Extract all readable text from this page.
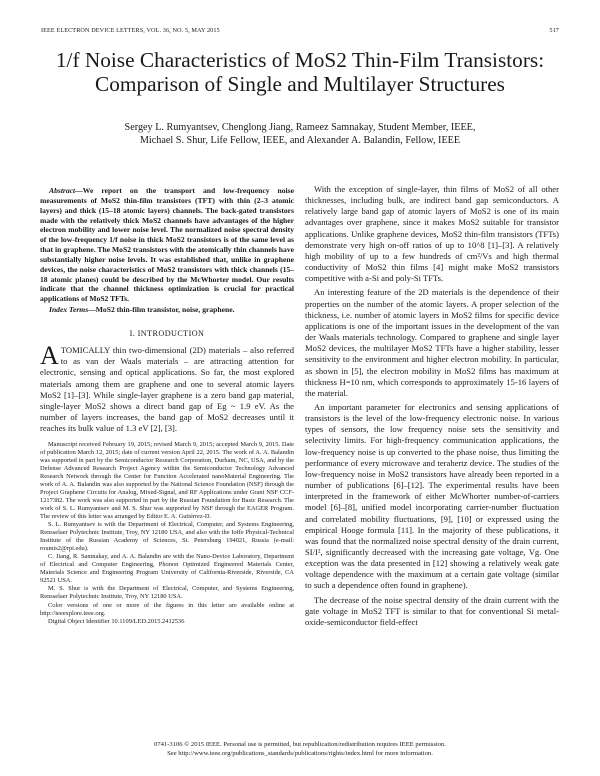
IEEE ELECTRON DEVICE LETTERS, VOL. 36, NO. 5, MAY 2015	517
1/f Noise Characteristics of MoS2 Thin-Film Transistors: Comparison of Single and Multilayer Structures
Sergey L. Rumyantsev, Chenglong Jiang, Rameez Samnakay, Student Member, IEEE,
Michael S. Shur, Life Fellow, IEEE, and Alexander A. Balandin, Fellow, IEEE

Abstract—We report on the transport and low-frequency noise measurements of MoS2 thin-film transistors (TFT) with thin (2–3 atomic layers) and thick (15–18 atomic layers) channels. The back-gated transistors made with the relatively thick MoS2 channels have advantages of the higher electron mobility and lower noise level. The normalized noise spectral density of the low-frequency 1/f noise in thick MoS2 transistors is of the same level as that in graphene. The MoS2 transistors with the atomically thin channels have substantially higher noise levels. It was established that, unlike in graphene devices, the noise characteristics of MoS2 transistors with thick channels (15–18 atomic planes) could be described by the McWhorter model. Our results indicate that the channel thickness optimization is crucial for practical applications of MoS2 TFTs.

Index Terms—MoS2 thin-film transistor, noise, graphene.

I. INTRODUCTION

ATOMICALLY thin two-dimensional (2D) materials – also referred to as van der Waals materials – are attracting attention for electronic, sensing and optical applications. So far, the most explored materials among them are graphene and one to several atomic layers MoS2 [1]–[3]. While single-layer graphene is a zero band gap material, single-layer MoS2 shows a direct band gap of Eg ~ 1.9 eV. As the number of layers increases, the band gap of MoS2 decreases until it reaches its bulk value of 1.3 eV [2], [3].

Manuscript received February 19, 2015; revised March 9, 2015; accepted March 9, 2015. Date of publication March 12, 2015; date of current version April 22, 2015. The work of A. A. Balandin was supported in part by the Semiconductor Research Corporation, Durham, NC, USA, and by the Defense Advanced Research Project Agency within the Semiconductor Technology Advanced Research Network through the Center for Function Accelerated nanoMaterial Engineering. The work of A. A. Balandin was also supported by the National Science Foundation (NSF) through the Project Graphene Circuits for Analog, Mixed-Signal, and RF Applications under Grant NSF CCF-1217382. The work was also supported in part by the Russian Foundation for Basic Research. The work of S. L. Rumyantsev and M. S. Shur was supported by NSF through the EAGER Program. The review of this letter was arranged by Editor E. A. Gutiérrez-D.

S. L. Rumyantsev is with the Department of Electrical, Computer, and Systems Engineering, Rensselaer Polytechnic Institute, Troy, NY 12180 USA, and also with the Ioffe Physical-Technical Institute of the Russian Academy of Sciences, St. Petersburg 194021, Russia (e-mail: roumis2@rpi.edu).

C. Jiang, R. Samnakay, and A. A. Balandin are with the Nano-Device Laboratory, Department of Electrical and Computer Engineering, Phonon Optimized Engineered Materials Center, Materials Science and Engineering Program University of California-Riverside, Riverside, CA 92521 USA.

M. S. Shur is with the Department of Electrical, Computer, and Systems Engineering, Rensselaer Polytechnic Institute, Troy, NY 12180 USA.

Color versions of one or more of the figures in this letter are available online at http://ieeexplore.ieee.org.

Digital Object Identifier 10.1109/LED.2015.2412536

With the exception of single-layer, thin films of MoS2 of all other thicknesses, including bulk, are indirect band gap semiconductors. A relatively large band gap of atomic layers of MoS2 is one of its main advantages over graphene, since it makes MoS2 suitable for transistor applications. Unlike graphene devices, MoS2 thin-film transistors (TFTs) demonstrate very high on-off ratios of up to 10^8 [1]–[3]. A relatively high mobility of up to a few hundreds of cm²/Vs and high thermal conductivity of MoS2 thin films [4] might make MoS2 transistors competitive with a-Si and poly-Si TFTs.

An interesting feature of the 2D materials is the dependence of their properties on the number of the atomic layers. A proper selection of the thickness, i.e. number of atomic layers in MoS2 films for specific device applications is one of the important issues in the development of the van der Waals materials technology. Compared to graphene and single layer MoS2 devices, the multilayer MoS2 TFTs have a higher stability, lesser sensitivity to the environment and higher electron mobility. In particular, as shown in [5], the electron mobility in MoS2 films has maximum at thickness H=10 nm, which corresponds to approximately 15-16 layers of the material.

An important parameter for electronics and sensing applications of transistors is the level of the low-frequency electronic noise. In various types of sensors, the low frequency noise sets the sensitivity and selectivity limits. For high-frequency communication applications, the low-frequency noise is up converted to the phase noise, thus limiting the performance of every microwave and terahertz device. The studies of the low-frequency noise in MoS2 transistors have already been reported in a number of publications [6]–[12]. The experimental results have been interpreted in the framework of either McWhorter number-of-carriers model [6]–[8], unified model incorporating carrier-number fluctuation and correlated mobility fluctuations, [9], [10] or expressed using the empirical Hooge formula [11]. In the majority of these publications, it was found that the normalized noise spectral density of the drain current, SI/I², significantly decreased with the increasing gate voltage, Vg. One exception was the data presented in [12] showing a relatively weak gate voltage dependence with the maximum at a certain gate voltage (similar to such a dependence often found in graphene).

The decrease of the noise spectral density of the drain current with the gate voltage in MoS2 TFT is similar to that for conventional Si metal-oxide-semiconductor field-effect

0741-3106 © 2015 IEEE. Personal use is permitted, but republication/redistribution requires IEEE permission.
See http://www.ieee.org/publications_standards/publications/rights/index.html for more information.
